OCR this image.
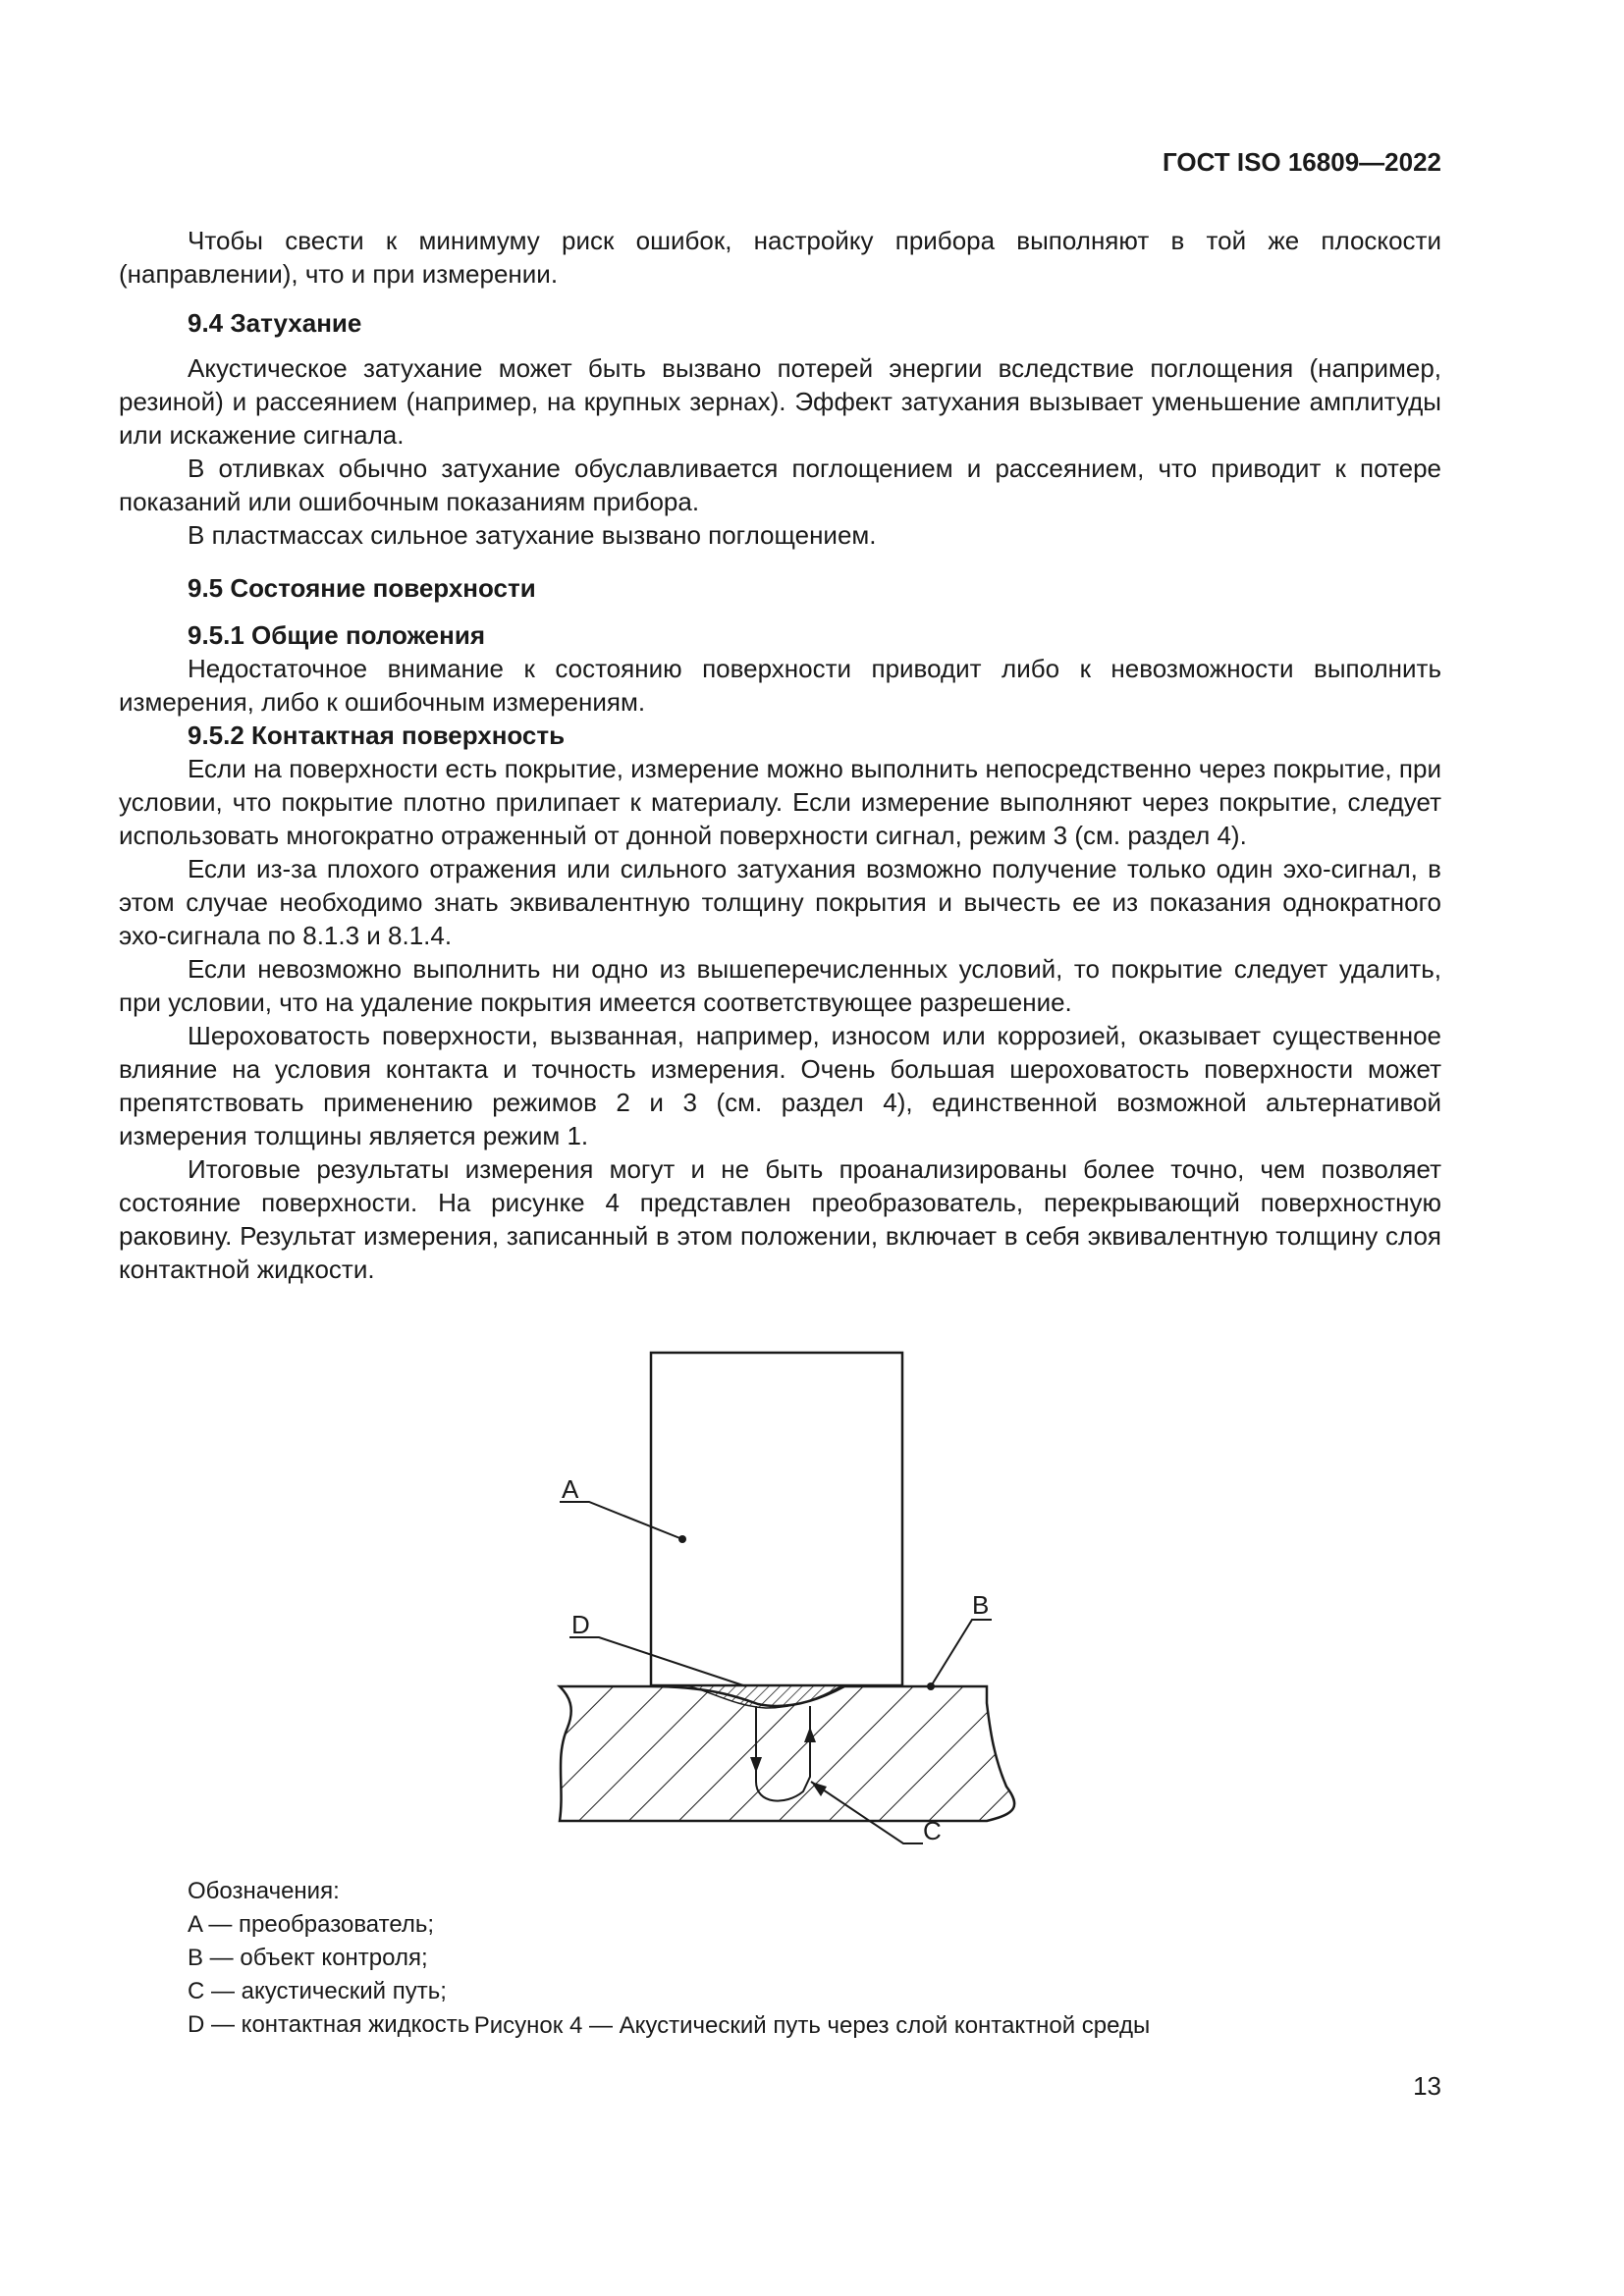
ГОСТ ISO 16809—2022

Чтобы свести к минимуму риск ошибок, настройку прибора выполняют в той же плоскости (направлении), что и при измерении.

9.4 Затухание

Акустическое затухание может быть вызвано потерей энергии вследствие поглощения (например, резиной) и рассеянием (например, на крупных зернах). Эффект затухания вызывает уменьшение амплитуды или искажение сигнала.

В отливках обычно затухание обуславливается поглощением и рассеянием, что приводит к потере показаний или ошибочным показаниям прибора.

В пластмассах сильное затухание вызвано поглощением.

9.5 Состояние поверхности

9.5.1 Общие положения

Недостаточное внимание к состоянию поверхности приводит либо к невозможности выполнить измерения, либо к ошибочным измерениям.

9.5.2 Контактная поверхность

Если на поверхности есть покрытие, измерение можно выполнить непосредственно через покрытие, при условии, что покрытие плотно прилипает к материалу. Если измерение выполняют через покрытие, следует использовать многократно отраженный от донной поверхности сигнал, режим 3 (см. раздел 4).

Если из-за плохого отражения или сильного затухания возможно получение только один эхо-сигнал, в этом случае необходимо знать эквивалентную толщину покрытия и вычесть ее из показания однократного эхо-сигнала по 8.1.3 и 8.1.4.

Если невозможно выполнить ни одно из вышеперечисленных условий, то покрытие следует удалить, при условии, что на удаление покрытия имеется соответствующее разрешение.

Шероховатость поверхности, вызванная, например, износом или коррозией, оказывает существенное влияние на условия контакта и точность измерения. Очень большая шероховатость поверхности может препятствовать применению режимов 2 и 3 (см. раздел 4), единственной возможной альтернативой измерения толщины является режим 1.

Итоговые результаты измерения могут и не быть проанализированы более точно, чем позволяет состояние поверхности. На рисунке 4 представлен преобразователь, перекрывающий поверхностную раковину. Результат измерения, записанный в этом положении, включает в себя эквивалентную толщину слоя контактной жидкости.

A
D
B
C
Обозначения:
A — преобразователь;
B — объект контроля;
C — акустический путь;
D — контактная жидкость Рисунок 4 — Акустический путь через слой контактной среды
13
